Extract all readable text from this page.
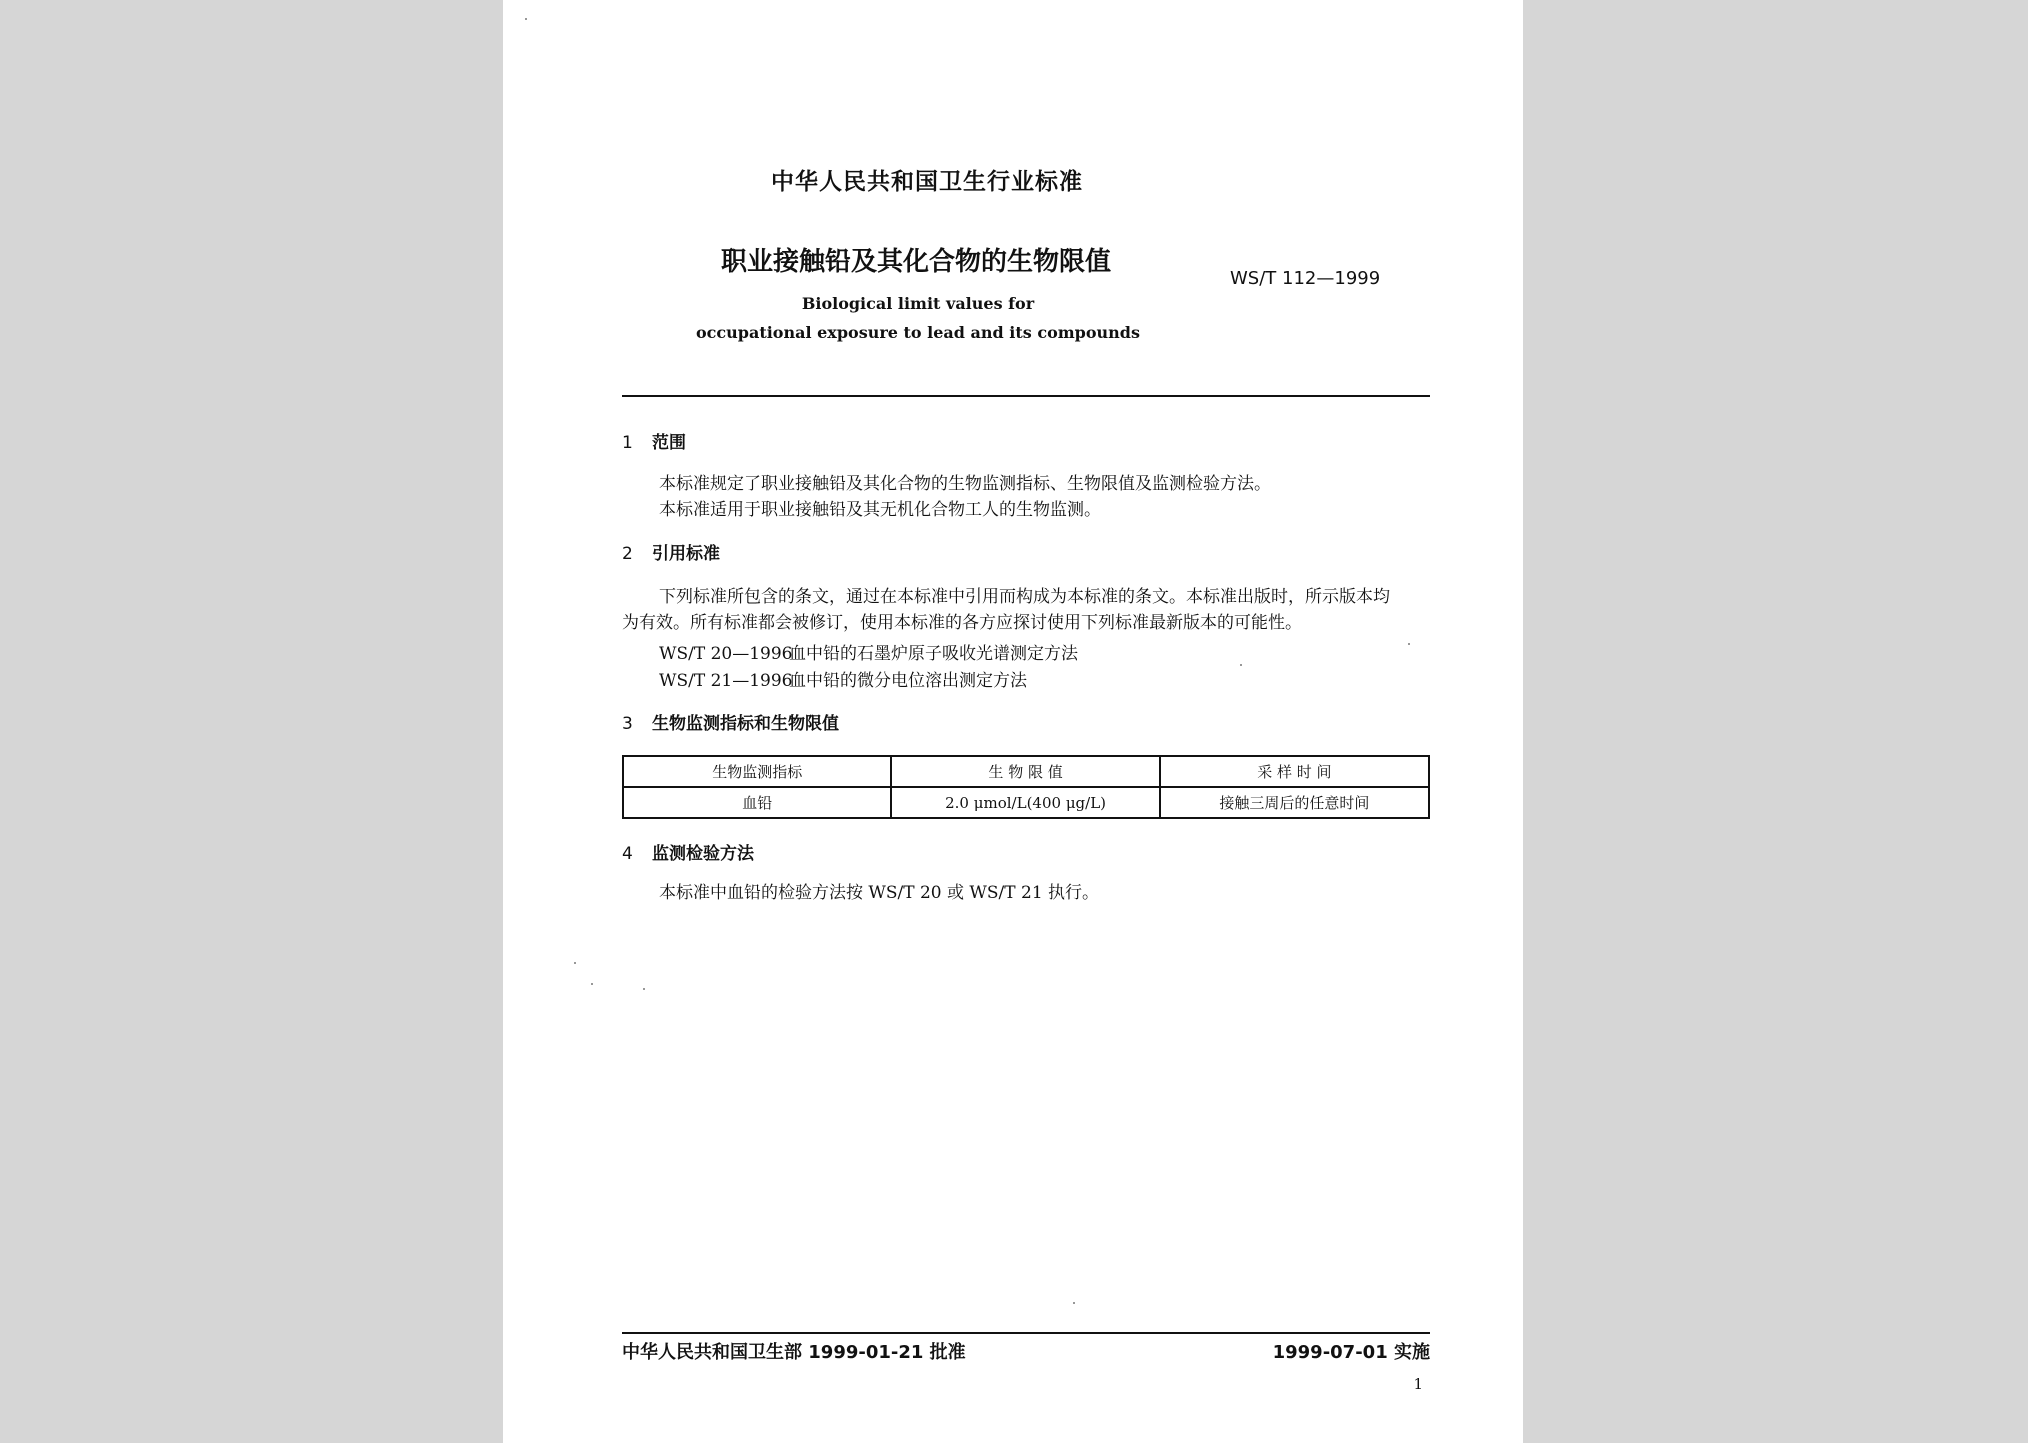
中华人民共和国卫生行业标准
职业接触铅及其化合物的生物限值
WS/T 112—1999
Biological limit values for
occupational exposure to lead and its compounds
1 范围
本标准规定了职业接触铅及其化合物的生物监测指标、生物限值及监测检验方法。
本标准适用于职业接触铅及其无机化合物工人的生物监测。
2 引用标准
下列标准所包含的条文，通过在本标准中引用而构成为本标准的条文。本标准出版时，所示版本均
为有效。所有标准都会被修订，使用本标准的各方应探讨使用下列标准最新版本的可能性。
WS/T 20—1996血中铅的石墨炉原子吸收光谱测定方法
WS/T 21—1996血中铅的微分电位溶出测定方法
3 生物监测指标和生物限值
生物监测指标	生 物 限 值	采 样 时 间
血铅	2.0 μmol/L(400 μg/L)	接触三周后的任意时间
4 监测检验方法
本标准中血铅的检验方法按 WS/T 20 或 WS/T 21 执行。
中华人民共和国卫生部 1999-01-21 批准	1999-07-01 实施
1
